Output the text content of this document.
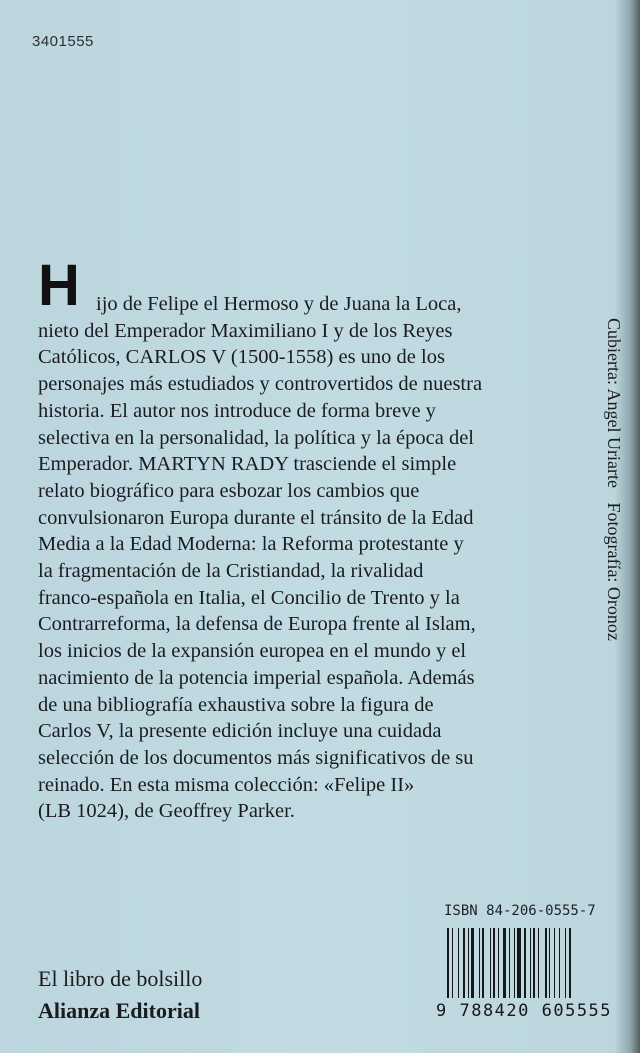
3401555
H ijo de Felipe el Hermoso y de Juana la Loca,
nieto del Emperador Maximiliano I y de los Reyes
Católicos, CARLOS V (1500-1558) es uno de los
personajes más estudiados y controvertidos de nuestra
historia. El autor nos introduce de forma breve y
selectiva en la personalidad, la política y la época del
Emperador. MARTYN RADY trasciende el simple
relato biográfico para esbozar los cambios que
convulsionaron Europa durante el tránsito de la Edad
Media a la Edad Moderna: la Reforma protestante y
la fragmentación de la Cristiandad, la rivalidad
franco-española en Italia, el Concilio de Trento y la
Contrarreforma, la defensa de Europa frente al Islam,
los inicios de la expansión europea en el mundo y el
nacimiento de la potencia imperial española. Además
de una bibliografía exhaustiva sobre la figura de
Carlos V, la presente edición incluye una cuidada
selección de los documentos más significativos de su
reinado. En esta misma colección: «Felipe II»
(LB 1024), de Geoffrey Parker.
Cubierta: Angel Uriarte Fotografía: Oronoz
ISBN 84-206-0555-7
9 788420 605555
El libro de bolsillo
Alianza Editorial
